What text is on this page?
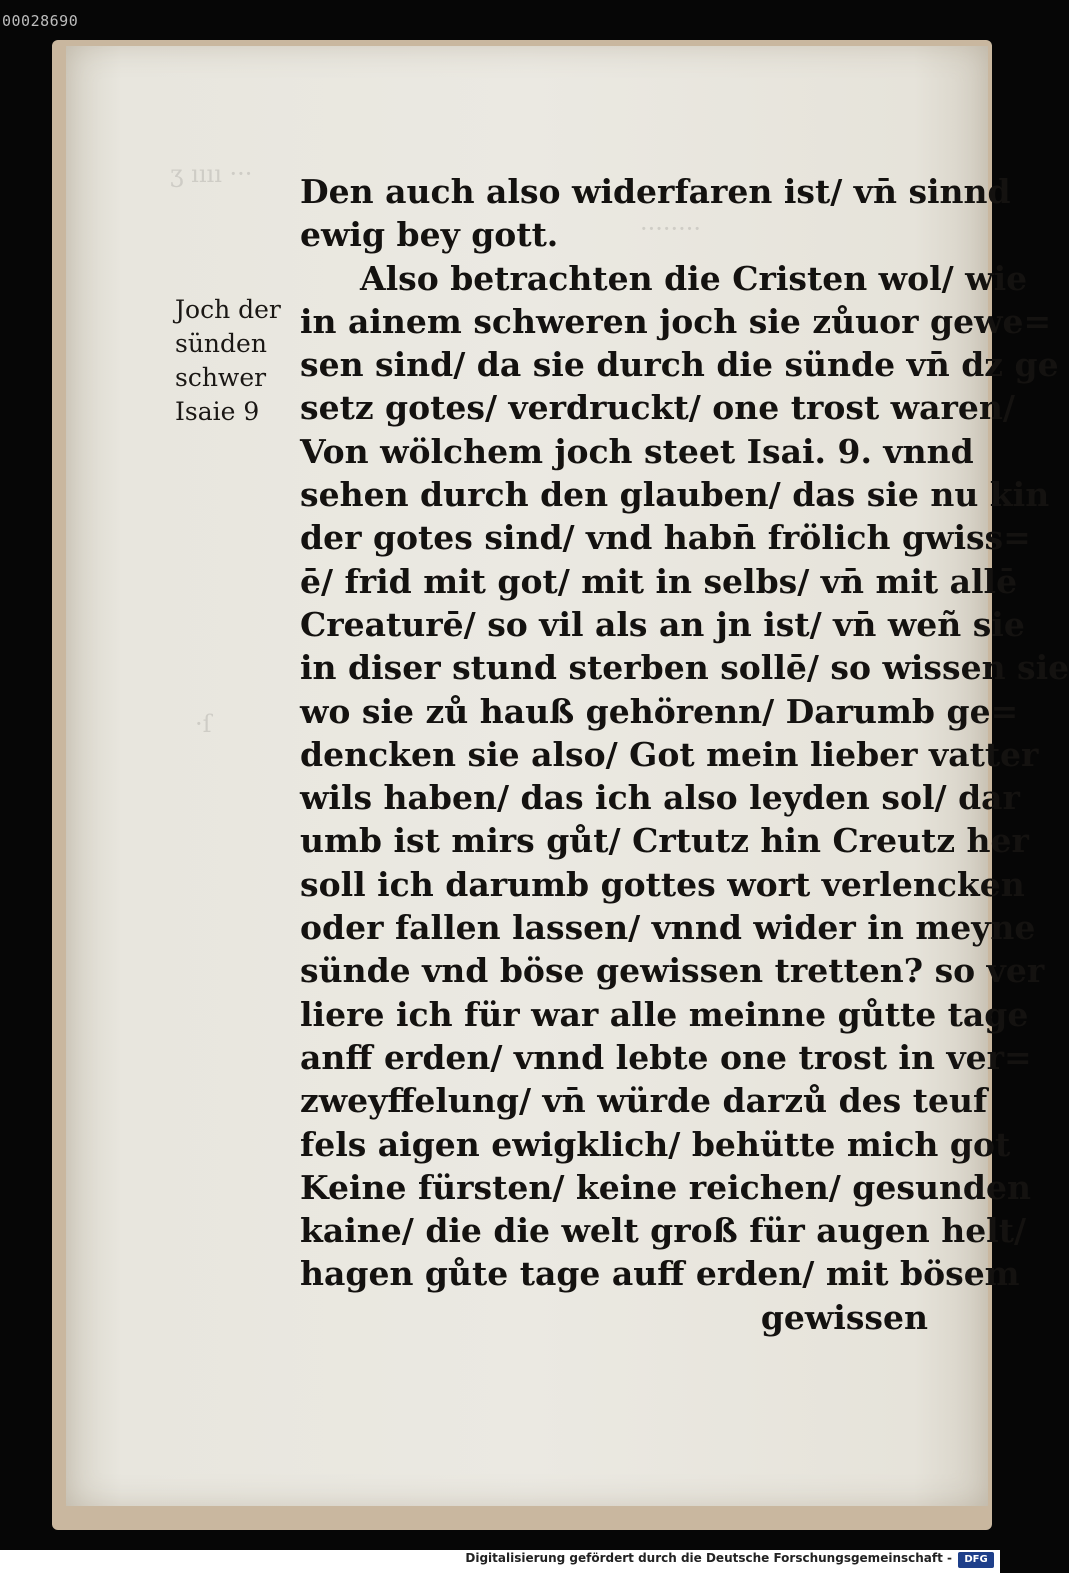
00028690
ʒ ıııı ···
········
·ſ
Joch der
sünden
schwer
Isaie 9
Den auch also widerfaren ist/ vn̄ sinnd
ewig bey gott.
Also betrachten die Cristen wol/ wie
in ainem schweren joch sie zůuor gewe=
sen sind/ da sie durch die sünde vn̄ dz ge
setz gotes/ verdruckt/ one trost waren/
Von wölchem joch steet Isai. 9. vnnd
sehen durch den glauben/ das sie nu kin
der gotes sind/ vnd habn̄ frölich gwiss=
ē/ frid mit got/ mit in selbs/ vn̄ mit allē
Creaturē/ so vil als an jn ist/ vn̄ weñ sie
in diser stund sterben sollē/ so wissen sie
wo sie zů hauß gehörenn/ Darumb ge=
dencken sie also/ Got mein lieber vatter
wils haben/ das ich also leyden sol/ dar
umb ist mirs gůt/ Crtutz hin Creutz her
soll ich darumb gottes wort verlencken
oder fallen lassen/ vnnd wider in meyne
sünde vnd böse gewissen tretten? so ver
liere ich für war alle meinne gůtte tage
anff erden/ vnnd lebte one trost in ver=
zweyffelung/ vn̄ würde darzů des teuf
fels aigen ewigklich/ behütte mich got
Keine fürsten/ keine reichen/ gesunden
kaine/ die die welt groß für augen helt/
hagen gůte tage auff erden/ mit bösem
gewissen
Digitalisierung gefördert durch die Deutsche Forschungsgemeinschaft -	DFG
